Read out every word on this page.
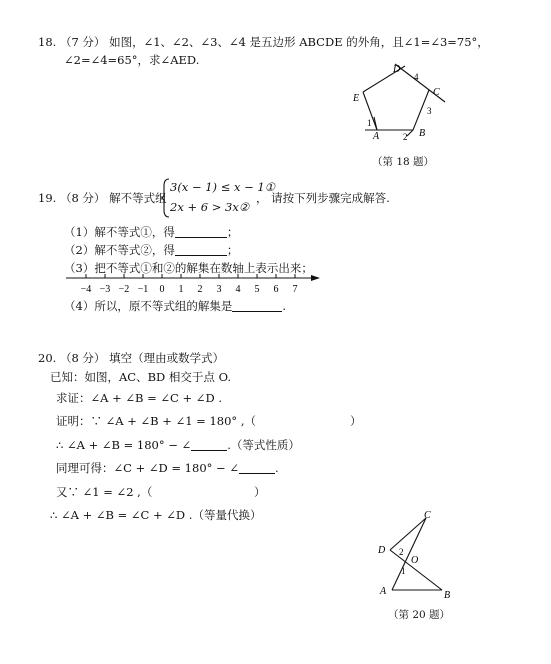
18. （7 分） 如图，∠1、∠2、∠3、∠4 是五边形 ABCDE 的外角，且∠1=∠3=75°，
∠2=∠4=65°，求∠AED.
D
4
C
3
E
1
A	2 B
（第 18 题）
19. （8 分） 解不等式组
3(x − 1) ≤ x − 1①
2x + 6 > 3x②
， 请按下列步骤完成解答.
（1）解不等式①，得	；
（2）解不等式②，得	；
（3）把不等式①和②的解集在数轴上表示出来；
−4 −3 −2 −1 0 1 2 3 4 5 6 7
（4）所以，原不等式组的解集是	.
20. （8 分） 填空（理由或数学式）
已知：如图，AC、BD 相交于点 O.
求证：∠A + ∠B = ∠C + ∠D .
证明：∵ ∠A + ∠B + ∠1 = 180° ,（	）
∴ ∠A + ∠B = 180° − ∠	.（等式性质）
同理可得：∠C + ∠D = 180° − ∠	.
又∵ ∠1 = ∠2 ,（	）
∴ ∠A + ∠B = ∠C + ∠D .（等量代换）	C
D 2
O
1
A	B
（第 20 题）
